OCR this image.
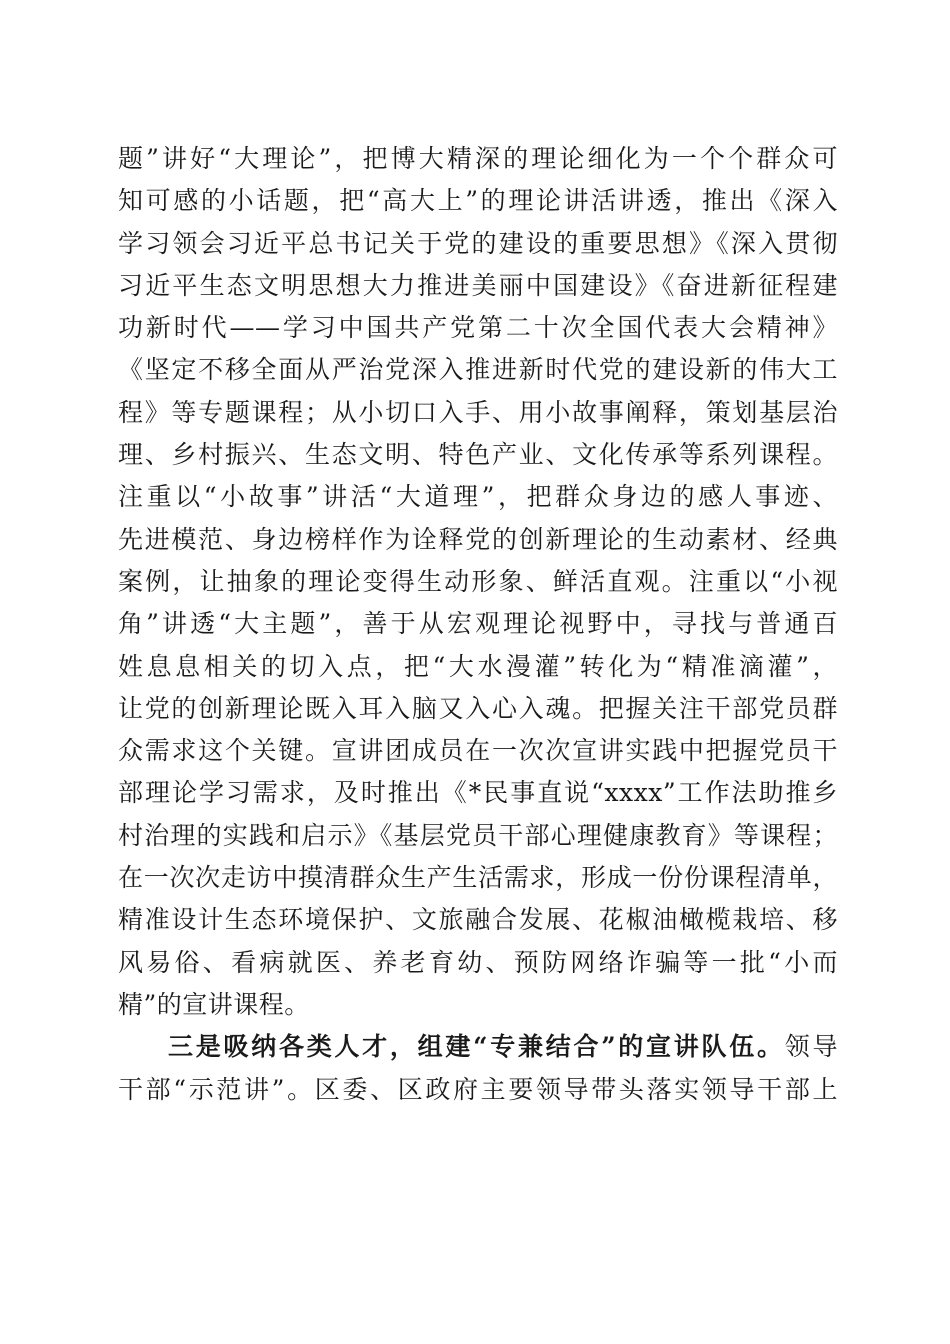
题”讲好“大理论”，把博大精深的理论细化为一个个群众可
知可感的小话题，把“高大上”的理论讲活讲透，推出《深入
学习领会习近平总书记关于党的建设的重要思想》《深入贯彻
习近平生态文明思想大力推进美丽中国建设》《奋进新征程建
功新时代——学习中国共产党第二十次全国代表大会精神》
《坚定不移全面从严治党深入推进新时代党的建设新的伟大工
程》等专题课程；从小切口入手、用小故事阐释，策划基层治
理、乡村振兴、生态文明、特色产业、文化传承等系列课程。
注重以“小故事”讲活“大道理”，把群众身边的感人事迹、
先进模范、身边榜样作为诠释党的创新理论的生动素材、经典
案例，让抽象的理论变得生动形象、鲜活直观。注重以“小视
角”讲透“大主题”，善于从宏观理论视野中，寻找与普通百
姓息息相关的切入点，把“大水漫灌”转化为“精准滴灌”，
让党的创新理论既入耳入脑又入心入魂。把握关注干部党员群
众需求这个关键。宣讲团成员在一次次宣讲实践中把握党员干
部理论学习需求，及时推出《*民事直说“xxxx”工作法助推乡
村治理的实践和启示》《基层党员干部心理健康教育》等课程；
在一次次走访中摸清群众生产生活需求，形成一份份课程清单，
精准设计生态环境保护、文旅融合发展、花椒油橄榄栽培、移
风易俗、看病就医、养老育幼、预防网络诈骗等一批“小而
精”的宣讲课程。
三是吸纳各类人才，组建“专兼结合”的宣讲队伍。领导
干部“示范讲”。区委、区政府主要领导带头落实领导干部上
